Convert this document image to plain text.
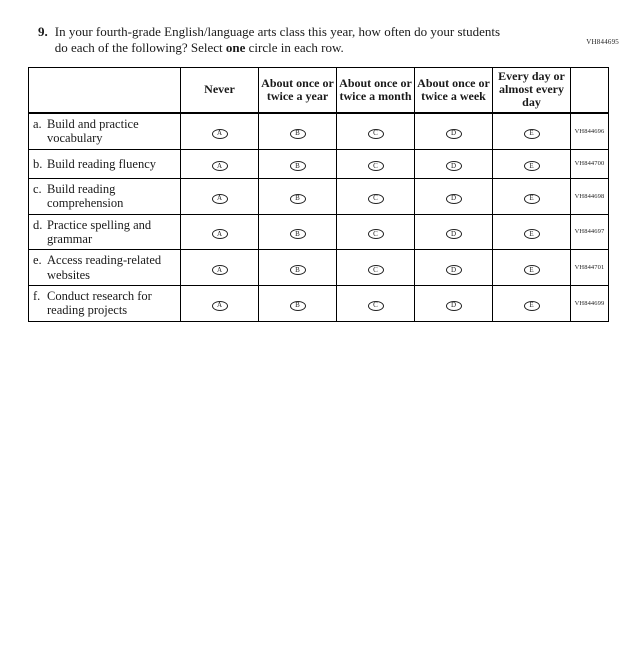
VH844695
9. In your fourth-grade English/language arts class this year, how often do your students do each of the following? Select one circle in each row.
	Never	About once or twice a year	About once or twice a month	About once or twice a week	Every day or almost every day	

a. Build and practice vocabulary	A	B	C	D	E	VH844696

b. Build reading fluency	A	B	C	D	E	VH844700

c. Build reading comprehension	A	B	C	D	E	VH844698

d. Practice spelling and grammar	A	B	C	D	E	VH844697

e. Access reading-related websites	A	B	C	D	E	VH844701

f. Conduct research for reading projects	A	B	C	D	E	VH844699
